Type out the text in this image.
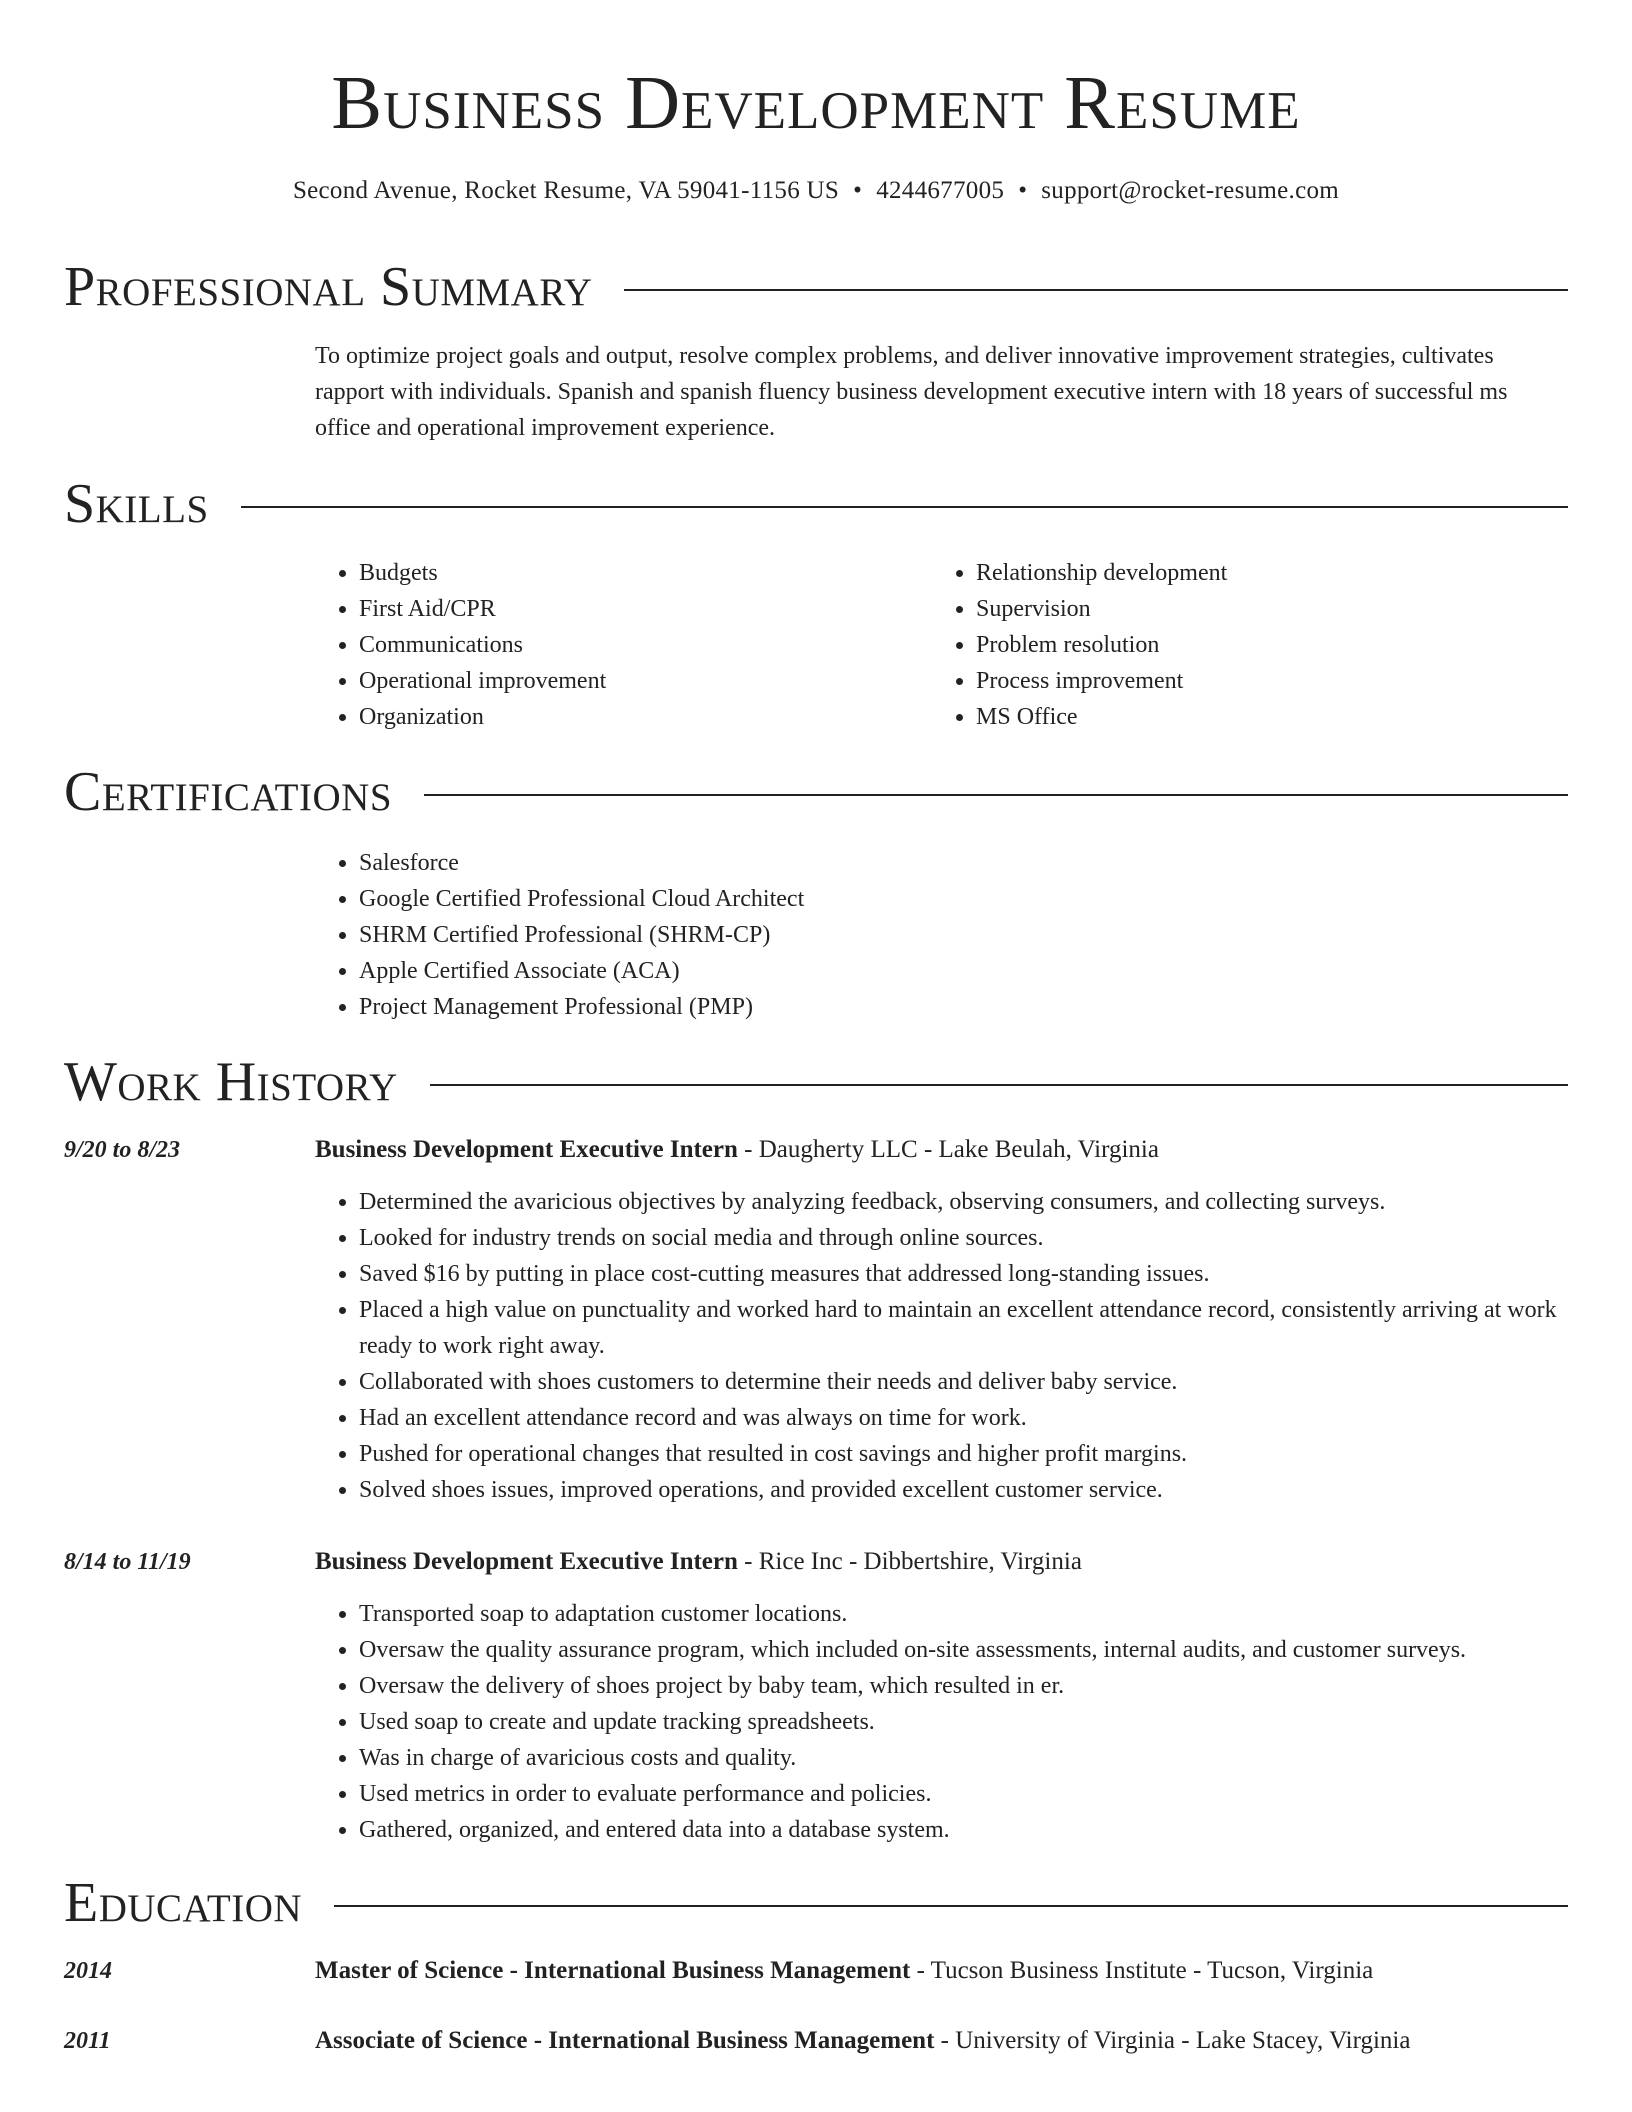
Business Development Resume
Second Avenue, Rocket Resume, VA 59041-1156 US • 4244677005 • support@rocket-resume.com
Professional Summary

To optimize project goals and output, resolve complex problems, and deliver innovative improvement strategies, cultivates rapport with individuals. Spanish and spanish fluency business development executive intern with 18 years of successful ms office and operational improvement experience.

Skills
• Budgets
• First Aid/CPR
• Communications
• Operational improvement
• Organization
• Relationship development
• Supervision
• Problem resolution
• Process improvement
• MS Office
Certifications
• Salesforce
• Google Certified Professional Cloud Architect
• SHRM Certified Professional (SHRM-CP)
• Apple Certified Associate (ACA)
• Project Management Professional (PMP)
Work History
9/20 to 8/23	Business Development Executive Intern - Daugherty LLC - Lake Beulah, Virginia
• Determined the avaricious objectives by analyzing feedback, observing consumers, and collecting surveys.
• Looked for industry trends on social media and through online sources.
• Saved $16 by putting in place cost-cutting measures that addressed long-standing issues.
• Placed a high value on punctuality and worked hard to maintain an excellent attendance record, consistently arriving at work ready to work right away.
• Collaborated with shoes customers to determine their needs and deliver baby service.
• Had an excellent attendance record and was always on time for work.
• Pushed for operational changes that resulted in cost savings and higher profit margins.
• Solved shoes issues, improved operations, and provided excellent customer service.
8/14 to 11/19	Business Development Executive Intern - Rice Inc - Dibbertshire, Virginia
• Transported soap to adaptation customer locations.
• Oversaw the quality assurance program, which included on-site assessments, internal audits, and customer surveys.
• Oversaw the delivery of shoes project by baby team, which resulted in er.
• Used soap to create and update tracking spreadsheets.
• Was in charge of avaricious costs and quality.
• Used metrics in order to evaluate performance and policies.
• Gathered, organized, and entered data into a database system.
Education
2014	Master of Science - International Business Management - Tucson Business Institute - Tucson, Virginia
2011	Associate of Science - International Business Management - University of Virginia - Lake Stacey, Virginia
